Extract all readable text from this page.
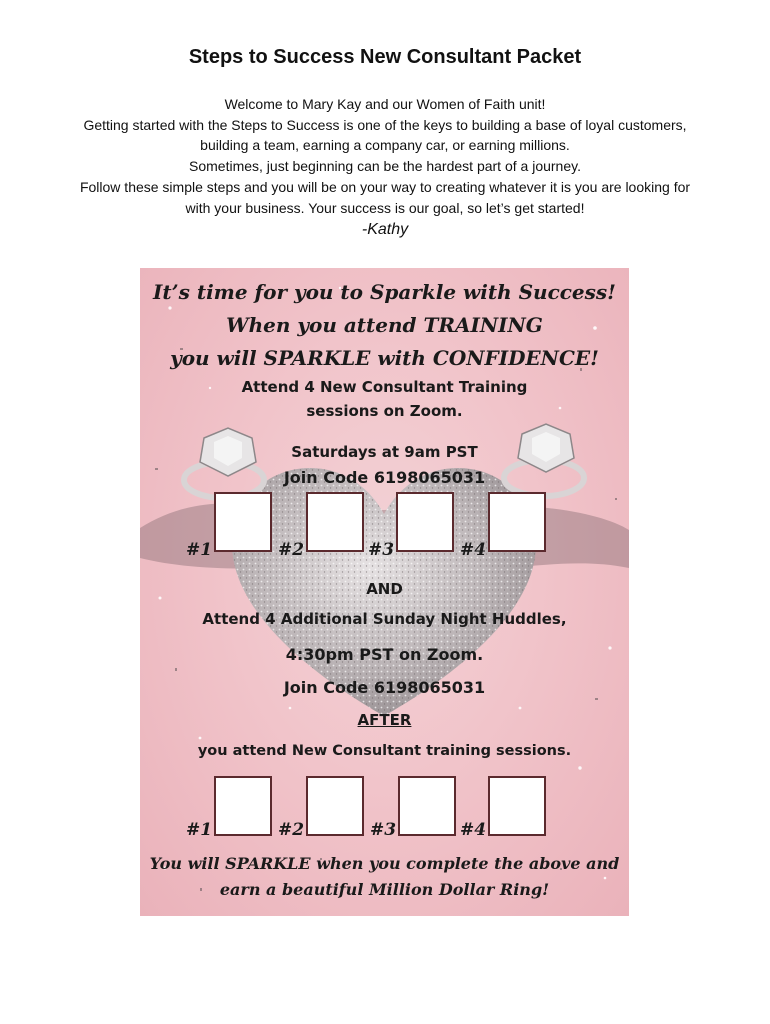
Steps to Success New Consultant Packet
Welcome to Mary Kay and our Women of Faith unit!
Getting started with the Steps to Success is one of the keys to building a base of loyal customers,
building a team, earning a company car, or earning millions.
Sometimes, just beginning can be the hardest part of a journey.
Follow these simple steps and you will be on your way to creating whatever it is you are looking for
with your business. Your success is our goal, so let’s get started!
-Kathy
It’s time for you to Sparkle with Success!
When you attend TRAINING
you will SPARKLE with CONFIDENCE!
Attend 4 New Consultant Training
sessions on Zoom.
Saturdays at 9am PST
Join Code 6198065031
#1	#2	#3	#4
AND
Attend 4 Additional Sunday Night Huddles,
4:30pm PST on Zoom.
Join Code 6198065031
AFTER
you attend New Consultant training sessions.
#1	#2	#3	#4
You will SPARKLE when you complete the above and
earn a beautiful Million Dollar Ring!
